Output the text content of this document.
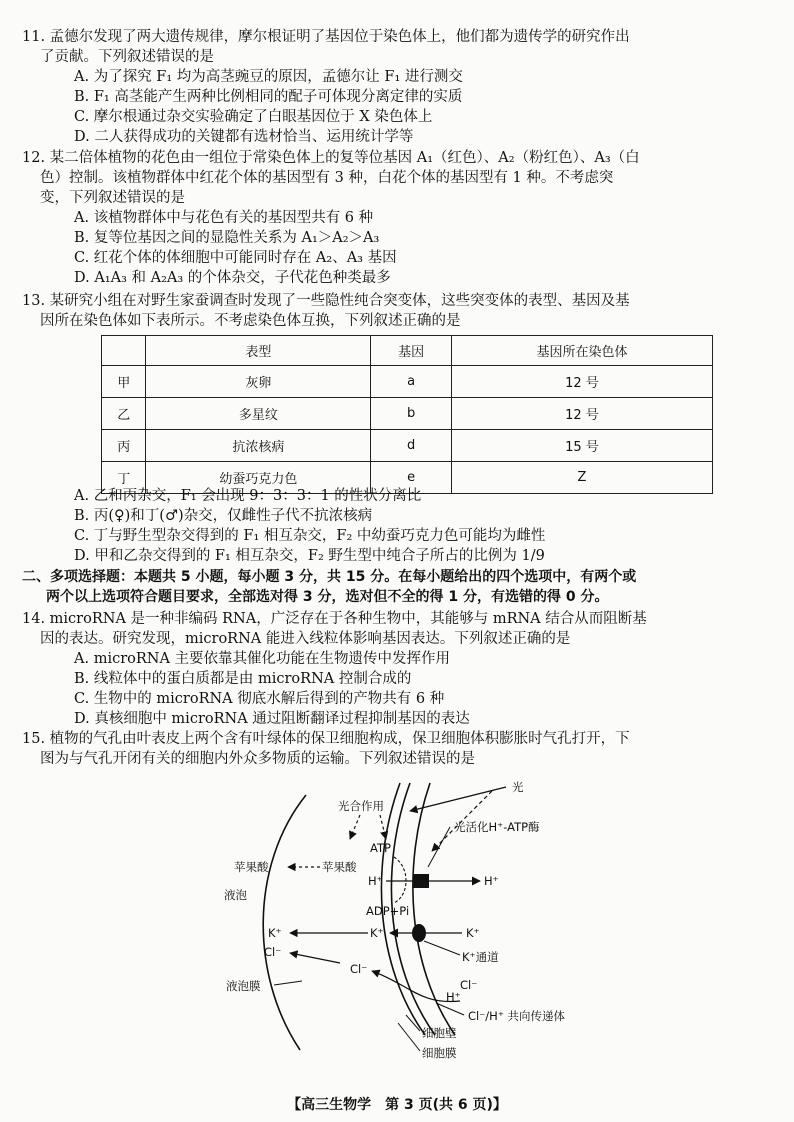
11. 孟德尔发现了两大遗传规律，摩尔根证明了基因位于染色体上，他们都为遗传学的研究作出

了贡献。下列叙述错误的是

A. 为了探究 F₁ 均为高茎豌豆的原因，孟德尔让 F₁ 进行测交

B. F₁ 高茎能产生两种比例相同的配子可体现分离定律的实质

C. 摩尔根通过杂交实验确定了白眼基因位于 X 染色体上

D. 二人获得成功的关键都有选材恰当、运用统计学等

12. 某二倍体植物的花色由一组位于常染色体上的复等位基因 A₁（红色）、A₂（粉红色）、A₃（白

色）控制。该植物群体中红花个体的基因型有 3 种，白花个体的基因型有 1 种。不考虑突

变，下列叙述错误的是

A. 该植物群体中与花色有关的基因型共有 6 种

B. 复等位基因之间的显隐性关系为 A₁＞A₂＞A₃

C. 红花个体的体细胞中可能同时存在 A₂、A₃ 基因

D. A₁A₃ 和 A₂A₃ 的个体杂交，子代花色种类最多

13. 某研究小组在对野生家蚕调查时发现了一些隐性纯合突变体，这些突变体的表型、基因及基

因所在染色体如下表所示。不考虑染色体互换，下列叙述正确的是

	表型	基因	基因所在染色体
甲	灰卵	a	12 号
乙	多星纹	b	12 号
丙	抗浓核病	d	15 号
丁	幼蚕巧克力色	e	Z

A. 乙和丙杂交，F₁ 会出现 9：3：3：1 的性状分离比

B. 丙(♀)和丁(♂)杂交，仅雌性子代不抗浓核病

C. 丁与野生型杂交得到的 F₁ 相互杂交，F₂ 中幼蚕巧克力色可能均为雌性

D. 甲和乙杂交得到的 F₁ 相互杂交，F₂ 野生型中纯合子所占的比例为 1/9

二、多项选择题：本题共 5 小题，每小题 3 分，共 15 分。在每小题给出的四个选项中，有两个或

两个以上选项符合题目要求，全部选对得 3 分，选对但不全的得 1 分，有选错的得 0 分。

14. microRNA 是一种非编码 RNA，广泛存在于各种生物中，其能够与 mRNA 结合从而阻断基

因的表达。研究发现，microRNA 能进入线粒体影响基因表达。下列叙述正确的是

A. microRNA 主要依靠其催化功能在生物遗传中发挥作用

B. 线粒体中的蛋白质都是由 microRNA 控制合成的

C. 生物中的 microRNA 彻底水解后得到的产物共有 6 种

D. 真核细胞中 microRNA 通过阻断翻译过程抑制基因的表达

15. 植物的气孔由叶表皮上两个含有叶绿体的保卫细胞构成，保卫细胞体积膨胀时气孔打开，下

图为与气孔开闭有关的细胞内外众多物质的运输。下列叙述错误的是

光
光合作用
ATP
光活化H⁺-ATP酶
苹果酸	苹果酸
液泡
H⁺	H⁺
ADP+Pi
K⁺	K⁺	K⁺
Cl⁻	K⁺通道
Cl⁻
液泡膜	Cl⁻
H⁺
Cl⁻/H⁺ 共向传递体
细胞壁
细胞膜
【高三生物学　第 3 页(共 6 页)】
